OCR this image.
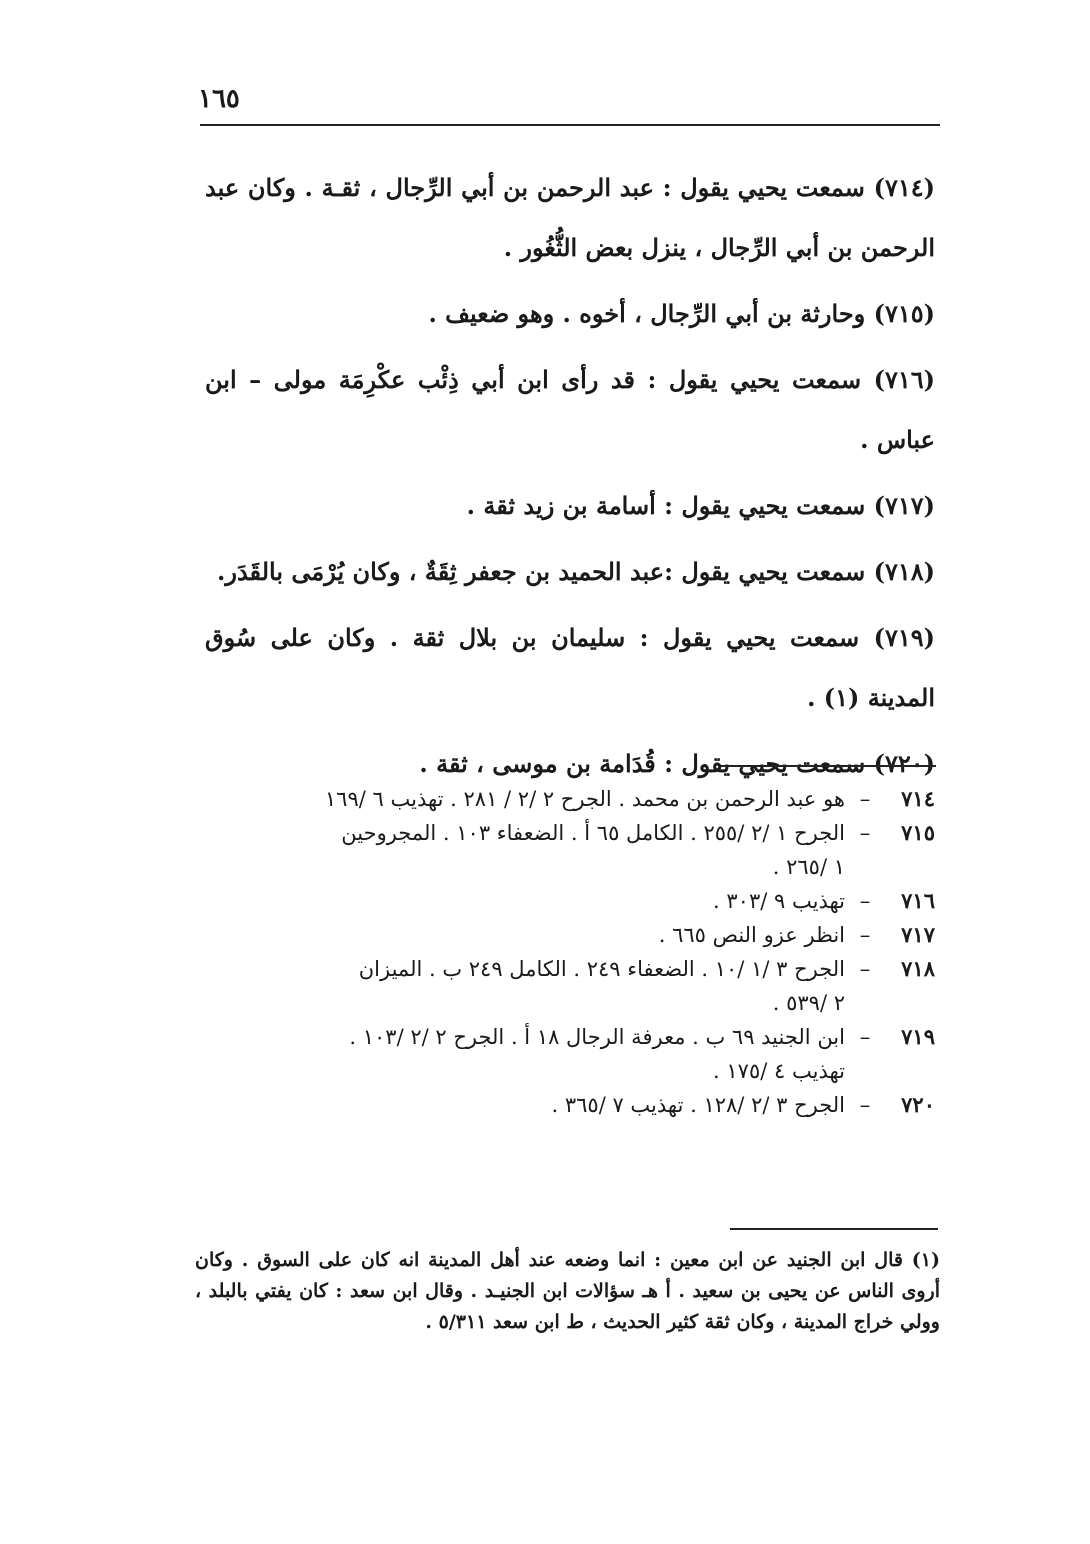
١٦٥

(٧١٤) سمعت يحيي يقول : عبد الرحمن بن أبي الرِّجال ، ثقـة . وكان عبد الرحمن بن أبي الرِّجال ، ينزل بعض الثُّغُور .

(٧١٥) وحارثة بن أبي الرِّجال ، أخوه . وهو ضعيف .

(٧١٦) سمعت يحيي يقول : قد رأى ابن أبي ذِئْب عكْرِمَة مولى – ابن عباس .

(٧١٧) سمعت يحيي يقول : أسامة بن زيد ثقة .

(٧١٨) سمعت يحيي يقول :عبد الحميد بن جعفر ثِقَةٌ ، وكان يُرْمَى بالقَدَر.

(٧١٩) سمعت يحيي يقول : سليمان بن بلال ثقة . وكان على سُوق المدينة (١) .

(٧٢٠) سمعت يحيي يقول : قُدَامة بن موسى ، ثقة .

٧١٤
–
هو عبد الرحمن بن محمد . الجرح ٢ /٢ / ٢٨١ . تهذيب ٦ /١٦٩
٧١٥
–
الجرح ١ /٢ /٢٥٥ . الكامل ٦٥ أ . الضعفاء ١٠٣ . المجروحين
١ /٢٦٥ .
٧١٦
–
تهذيب ٩ /٣٠٣ .
٧١٧
–
انظر عزو النص ٦٦٥ .
٧١٨
–
الجرح ٣ /١ /١٠ . الضعفاء ٢٤٩ . الكامل ٢٤٩ ب . الميزان
٢ /٥٣٩ .
٧١٩
–
ابن الجنيد ٦٩ ب . معرفة الرجال ١٨ أ . الجرح ٢ /٢ /١٠٣ .
تهذيب ٤ /١٧٥ .
٧٢٠
–
الجرح ٣ /٢ /١٢٨ . تهذيب ٧ /٣٦٥ .
(١) قال ابن الجنيد عن ابن معين : انما وضعه عند أهل المدينة انه كان على السوق . وكان أروى الناس عن يحيى بن سعيد . أ هـ سؤالات ابن الجنيـد . وقال ابن سعد : كان يفتي بالبلد ، وولي خراج المدينة ، وكان ثقة كثير الحديث ، ط ابن سعد ٥/٣١١ .
